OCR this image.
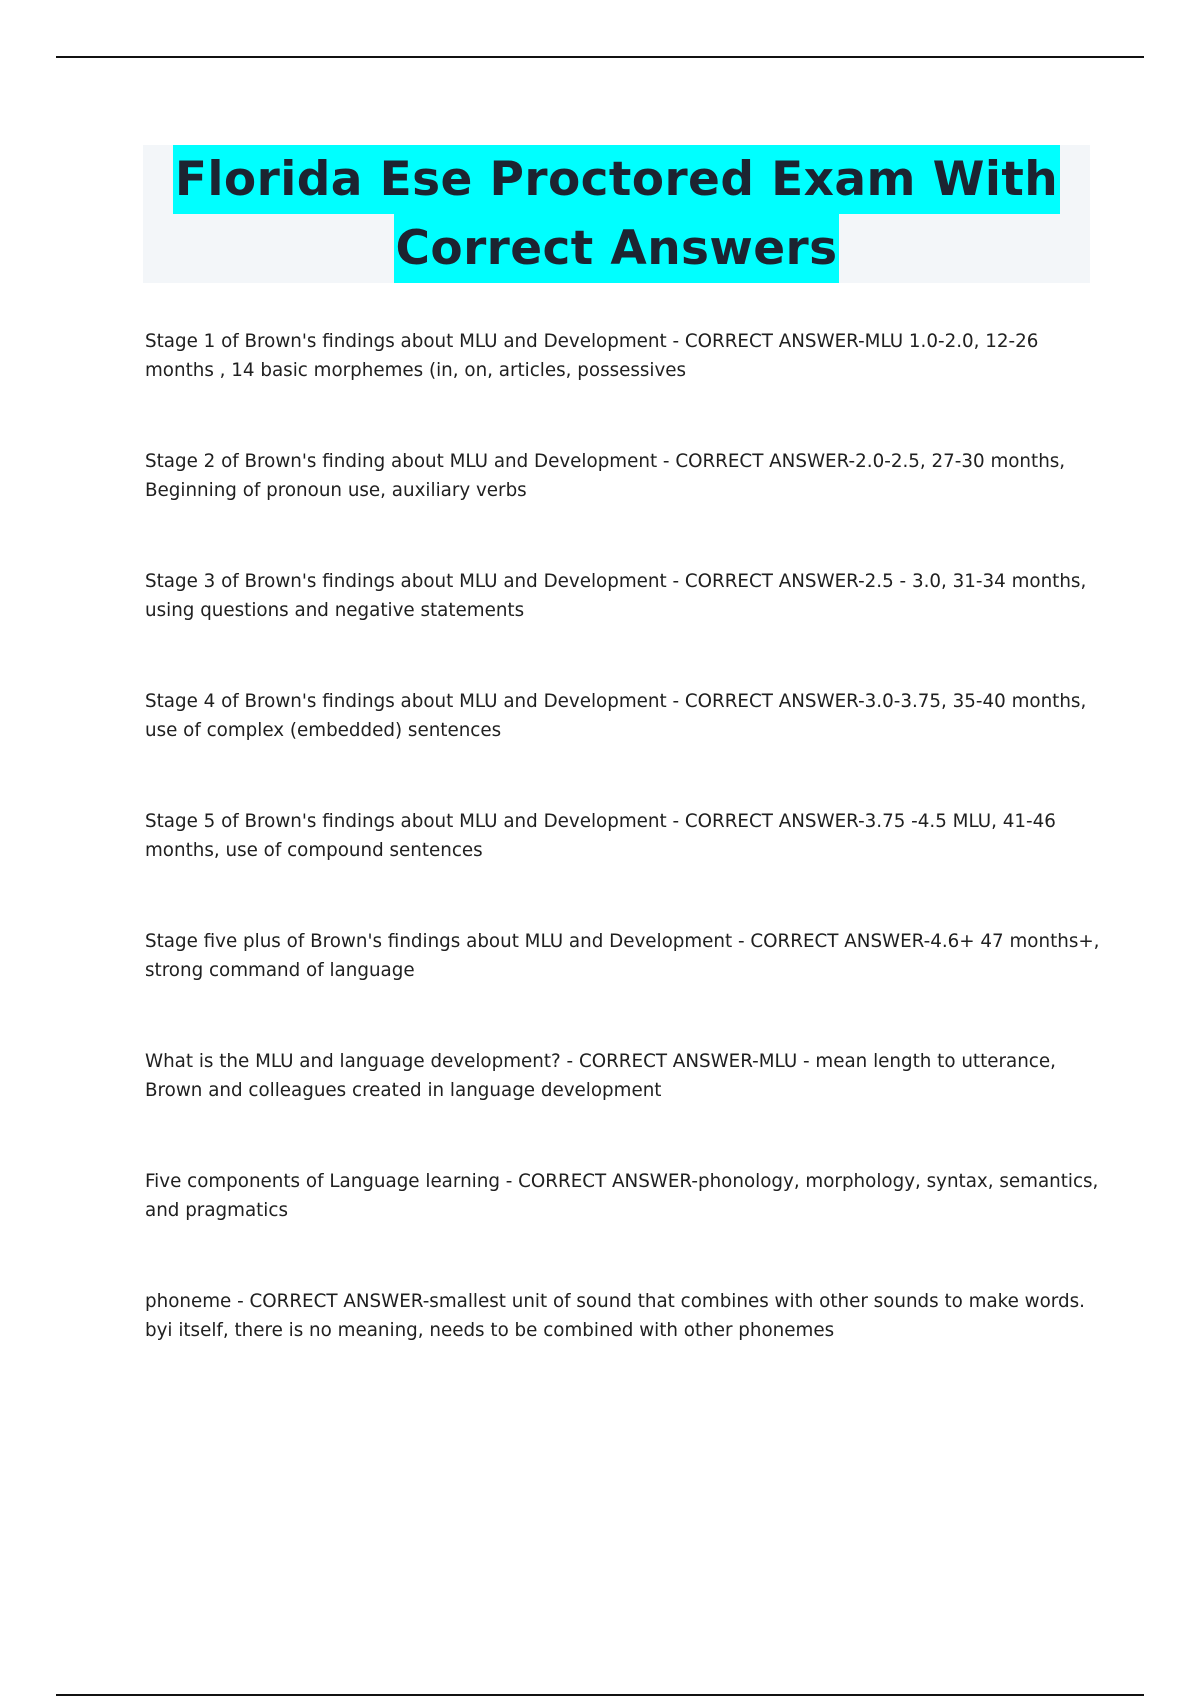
Florida Ese Proctored Exam With
Correct Answers
Stage 1 of Brown's findings about MLU and Development - CORRECT ANSWER-MLU 1.0-2.0, 12-26
months , 14 basic morphemes (in, on, articles, possessives
Stage 2 of Brown's finding about MLU and Development - CORRECT ANSWER-2.0-2.5, 27-30 months,
Beginning of pronoun use, auxiliary verbs
Stage 3 of Brown's findings about MLU and Development - CORRECT ANSWER-2.5 - 3.0, 31-34 months,
using questions and negative statements
Stage 4 of Brown's findings about MLU and Development - CORRECT ANSWER-3.0-3.75, 35-40 months,
use of complex (embedded) sentences
Stage 5 of Brown's findings about MLU and Development - CORRECT ANSWER-3.75 -4.5 MLU, 41-46
months, use of compound sentences
Stage five plus of Brown's findings about MLU and Development - CORRECT ANSWER-4.6+ 47 months+,
strong command of language
What is the MLU and language development? - CORRECT ANSWER-MLU - mean length to utterance,
Brown and colleagues created in language development
Five components of Language learning - CORRECT ANSWER-phonology, morphology, syntax, semantics,
and pragmatics
phoneme - CORRECT ANSWER-smallest unit of sound that combines with other sounds to make words.
byi itself, there is no meaning, needs to be combined with other phonemes
